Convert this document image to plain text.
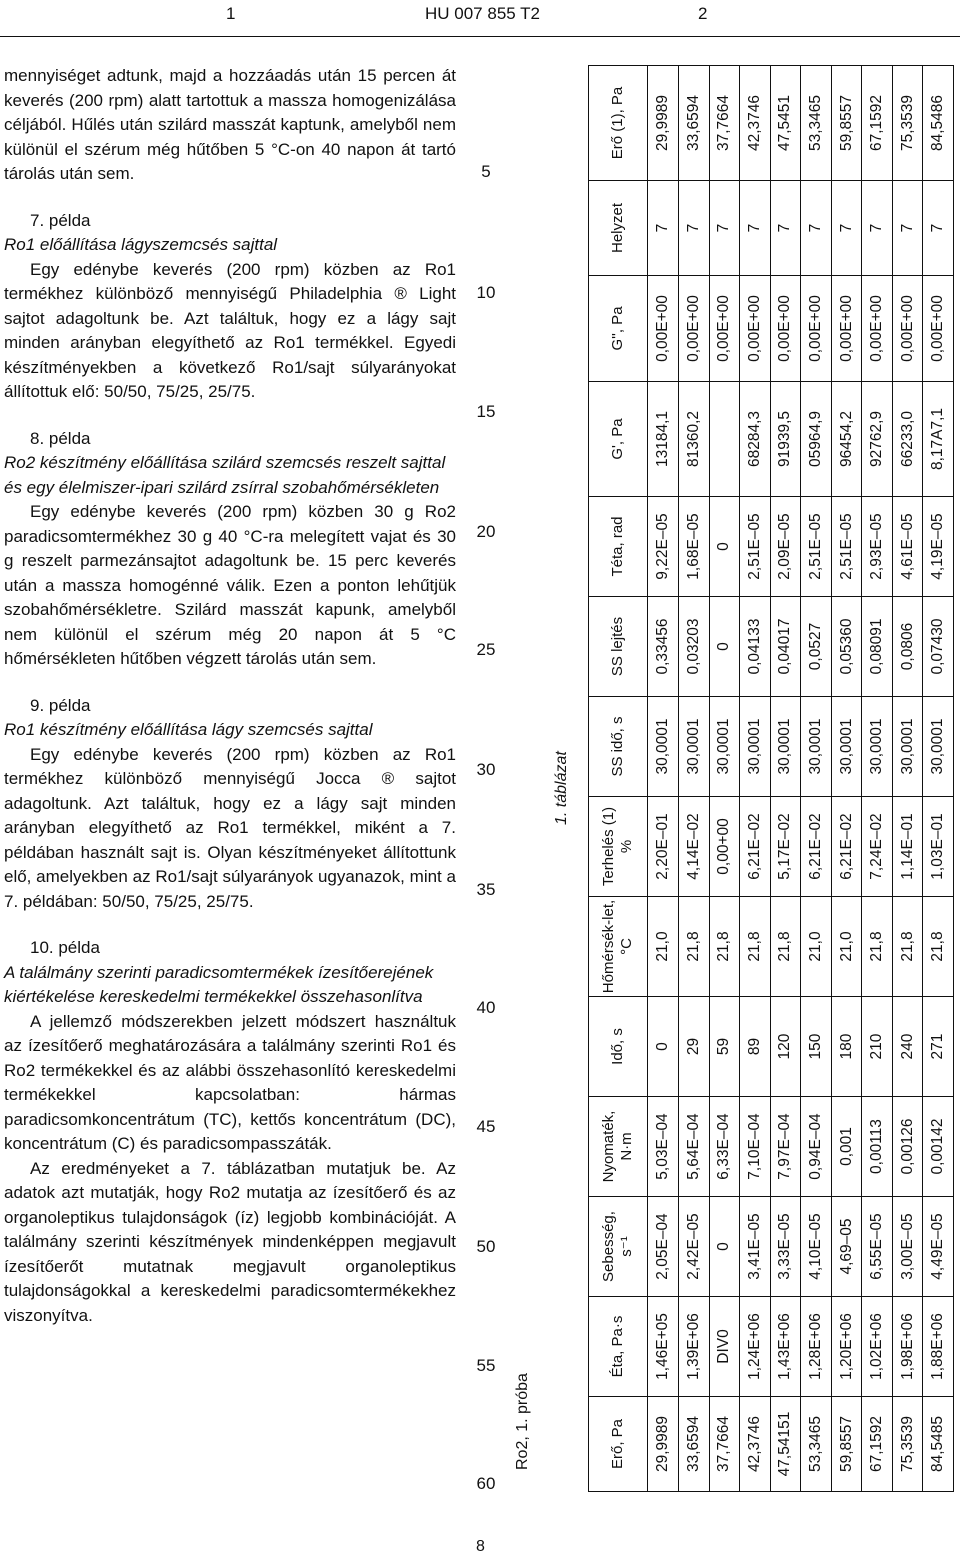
1	HU 007 855 T2	2

mennyiséget adtunk, majd a hozzáadás után 15 percen át keverés (200 rpm) alatt tartottuk a massza homogenizálása céljából. Hűlés után szilárd masszát kaptunk, amelyből nem különül el szérum még hűtőben 5 °C-on 40 napon át tartó tárolás után sem.

7. példa

Ro1 előállítása lágyszemcsés sajttal

Egy edénybe keverés (200 rpm) közben az Ro1 termékhez különböző mennyiségű Philadelphia ® Light sajtot adagoltunk be. Azt találtuk, hogy ez a lágy sajt minden arányban elegyíthető az Ro1 termékkel. Egyedi készítményekben a következő Ro1/sajt súlyarányokat állítottuk elő: 50/50, 75/25, 25/75.

8. példa

Ro2 készítmény előállítása szilárd szemcsés reszelt sajttal és egy élelmiszer-ipari szilárd zsírral szobahőmérsékleten

Egy edénybe keverés (200 rpm) közben 30 g Ro2 paradicsomtermékhez 30 g 40 °C-ra melegített vajat és 30 g reszelt parmezánsajtot adagoltunk be. 15 perc keverés után a massza homogénné válik. Ezen a ponton lehűtjük szobahőmérsékletre. Szilárd masszát kapunk, amelyből nem különül el szérum még 20 napon át 5 °C hőmérsékleten hűtőben végzett tárolás után sem.

9. példa

Ro1 készítmény előállítása lágy szemcsés sajttal

Egy edénybe keverés (200 rpm) közben az Ro1 termékhez különböző mennyiségű Jocca ® sajtot adagoltunk. Azt találtuk, hogy ez a lágy sajt minden arányban elegyíthető az Ro1 termékkel, miként a 7. példában használt sajt is. Olyan készítményeket állítottunk elő, amelyekben az Ro1/sajt súlyarányok ugyanazok, mint a 7. példában: 50/50, 75/25, 25/75.

10. példa

A találmány szerinti paradicsomtermékek ízesítőerejének kiértékelése kereskedelmi termékekkel összehasonlítva

A jellemző módszerekben jelzett módszert használtuk az ízesítőerő meghatározására a találmány szerinti Ro1 és Ro2 termékekkel és az alábbi összehasonlító kereskedelmi termékekkel kapcsolatban: hármas paradicsomkoncentrátum (TC), kettős koncentrátum (DC), koncentrátum (C) és paradicsompasszáták.

Az eredményeket a 7. táblázatban mutatjuk be. Az adatok azt mutatják, hogy Ro2 mutatja az ízesítőerő és az organoleptikus tulajdonságok (íz) legjobb kombinációját. A találmány szerinti készítmények mindenképpen megjavult ízesítőerőt mutatnak megjavult organoleptikus tulajdonságokkal a kereskedelmi paradicsomtermékekhez viszonyítva.

5
10
15
20
25
30
35
40
45
50
55
60
Ro2, 1. próba
1. táblázat
Erő, Pa	Éta, Pa·s	Sebesség, s⁻¹	Nyomaték, N·m	Idő, s	Hőmérsék-let, °C	Terhelés (1) %	SS idő, s	SS lejtés	Téta, rad	G', Pa	G'', Pa	Helyzet	Erő (1), Pa
29,9989	1,46E+05	2,05E–04	5,03E–04	0	21,0	2,20E–01	30,0001	0,33456	9,22E–05	13184,1	0,00E+00	7	29,9989
33,6594	1,39E+06	2,42E–05	5,64E–04	29	21,8	4,14E–02	30,0001	0,03203	1,68E–05	81360,2	0,00E+00	7	33,6594
37,7664	DIV0	0	6,33E–04	59	21,8	0,00+00	30,0001	0	0		0,00E+00	7	37,7664
42,3746	1,24E+06	3,41E–05	7,10E–04	89	21,8	6,21E–02	30,0001	0,04133	2,51E–05	68284,3	0,00E+00	7	42,3746
47,54151	1,43E+06	3,33E–05	7,97E–04	120	21,8	5,17E–02	30,0001	0,04017	2,09E–05	91939,5	0,00E+00	7	47,5451
53,3465	1,28E+06	4,10E–05	0,94E–04	150	21,0	6,21E–02	30,0001	0,0527	2,51E–05	05964,9	0,00E+00	7	53,3465
59,8557	1,20E+06	4,69–05	0,001	180	21,0	6,21E–02	30,0001	0,05360	2,51E–05	96454,2	0,00E+00	7	59,8557
67,1592	1,02E+06	6,55E–05	0,00113	210	21,8	7,24E–02	30,0001	0,08091	2,93E–05	92762,9	0,00E+00	7	67,1592
75,3539	1,98E+06	3,00E–05	0,00126	240	21,8	1,14E–01	30,0001	0,0806	4,61E–05	66233,0	0,00E+00	7	75,3539
84,5485	1,88E+06	4,49E–05	0,00142	271	21,8	1,03E–01	30,0001	0,07430	4,19E–05	8,17A7,1	0,00E+00	7	84,5486
8
